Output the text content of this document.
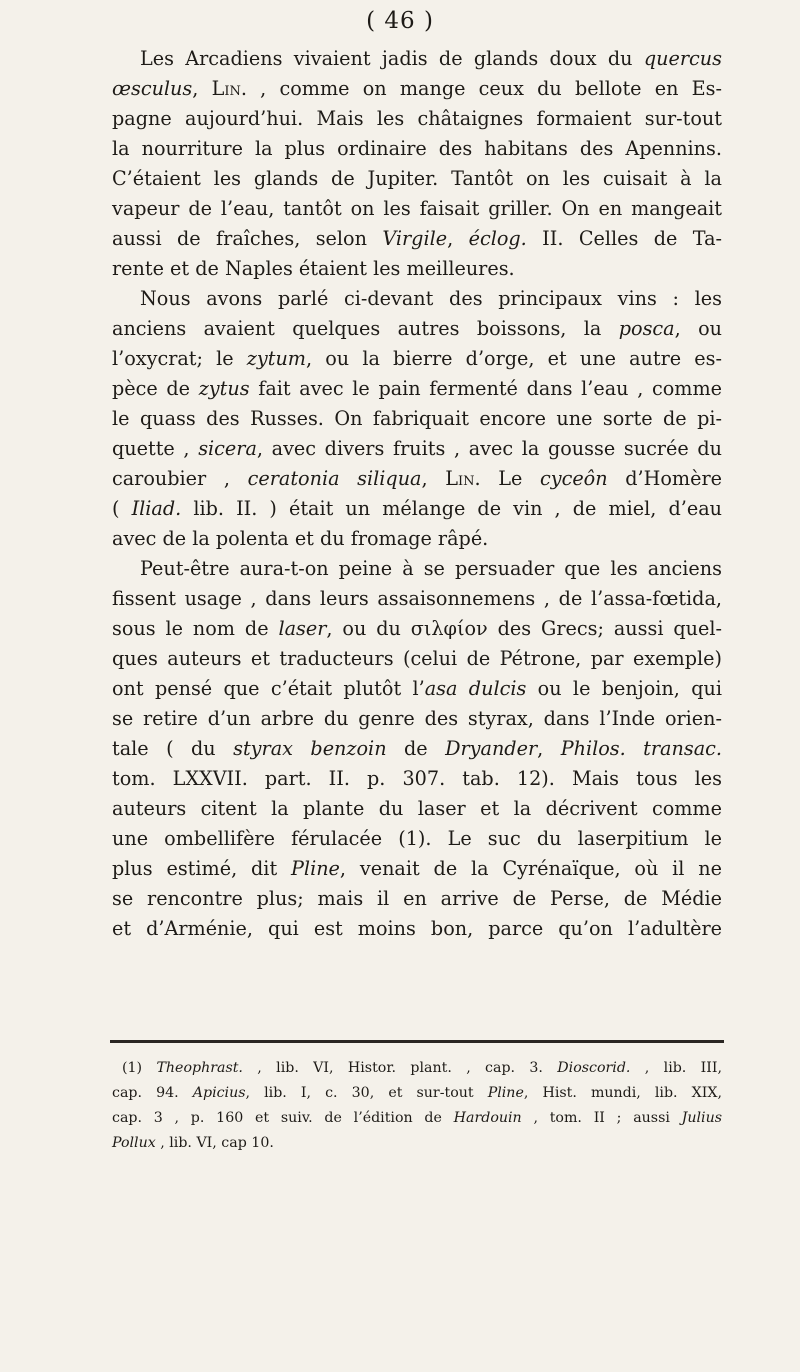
( 46 )
Les Arcadiens vivaient jadis de glands doux du quercus
œsculus, Lin. , comme on mange ceux du bellote en Es-
pagne aujourd’hui. Mais les châtaignes formaient sur-tout
la nourriture la plus ordinaire des habitans des Apennins.
C’étaient les glands de Jupiter. Tantôt on les cuisait à la
vapeur de l’eau, tantôt on les faisait griller. On en mangeait
aussi de fraîches, selon Virgile, éclog. II. Celles de Ta-
rente et de Naples étaient les meilleures.
Nous avons parlé ci-devant des principaux vins : les
anciens avaient quelques autres boissons, la posca, ou
l’oxycrat; le zytum, ou la bierre d’orge, et une autre es-
pèce de zytus fait avec le pain fermenté dans l’eau , comme
le quass des Russes. On fabriquait encore une sorte de pi-
quette , sicera, avec divers fruits , avec la gousse sucrée du
caroubier , ceratonia siliqua, Lin. Le cyceôn d’Homère
( Iliad. lib. II. ) était un mélange de vin , de miel, d’eau
avec de la polenta et du fromage râpé.
Peut-être aura-t-on peine à se persuader que les anciens
fissent usage , dans leurs assaisonnemens , de l’assa-fœtida,
sous le nom de laser, ou du σιλφίον des Grecs; aussi quel-
ques auteurs et traducteurs (celui de Pétrone, par exemple)
ont pensé que c’était plutôt l’asa dulcis ou le benjoin, qui
se retire d’un arbre du genre des styrax, dans l’Inde orien-
tale ( du styrax benzoin de Dryander, Philos. transac.
tom. LXXVII. part. II. p. 307. tab. 12). Mais tous les
auteurs citent la plante du laser et la décrivent comme
une ombellifère férulacée (1). Le suc du laserpitium le
plus estimé, dit Pline, venait de la Cyrénaïque, où il ne
se rencontre plus; mais il en arrive de Perse, de Médie
et d’Arménie, qui est moins bon, parce qu’on l’adultère
(1) Theophrast. , lib. VI, Histor. plant. , cap. 3. Dioscorid. , lib. III,
cap. 94. Apicius, lib. I, c. 30, et sur-tout Pline, Hist. mundi, lib. XIX,
cap. 3 , p. 160 et suiv. de l’édition de Hardouin , tom. II ; aussi Julius
Pollux , lib. VI, cap 10.
